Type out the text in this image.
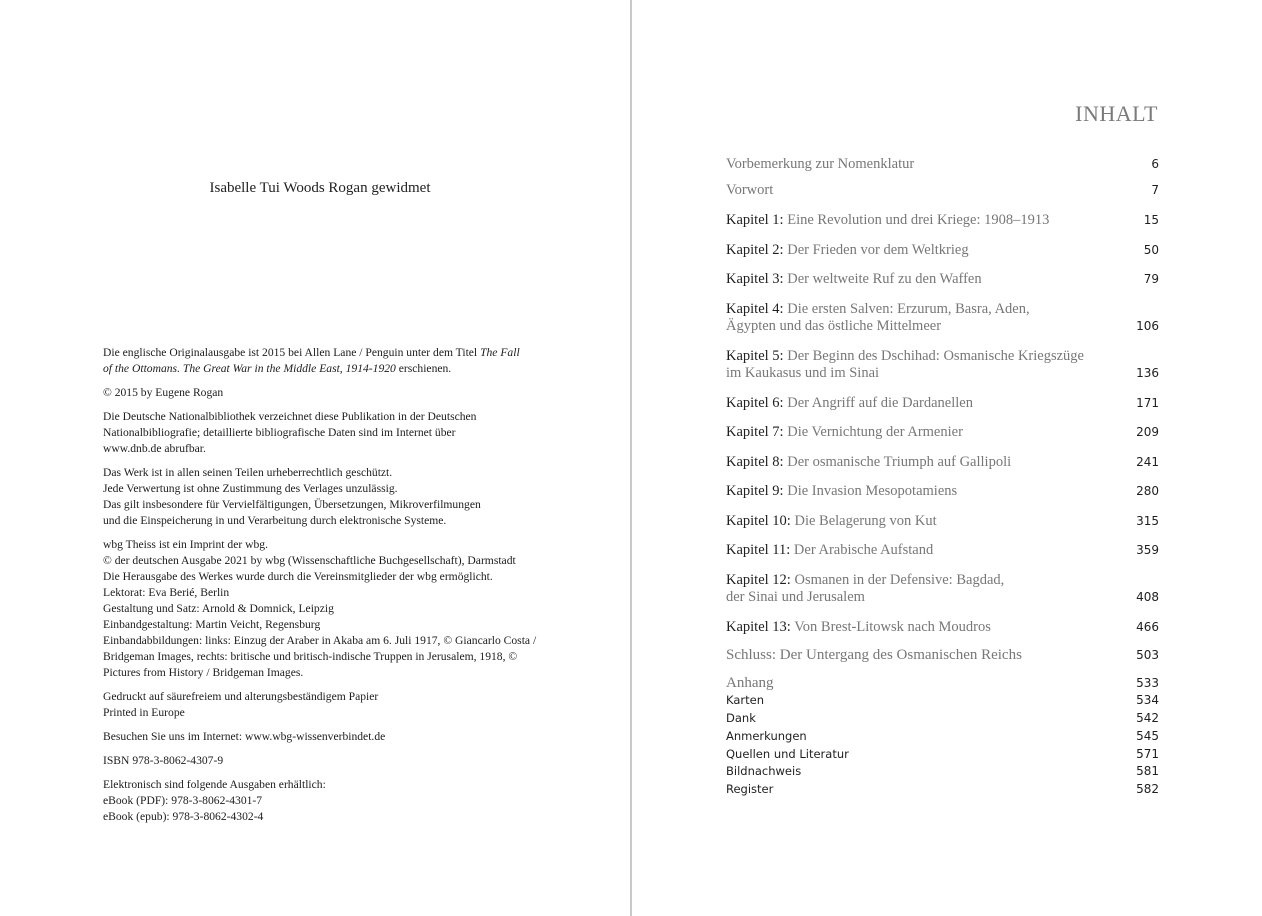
Isabelle Tui Woods Rogan gewidmet

Die englische Originalausgabe ist 2015 bei Allen Lane / Penguin unter dem Titel The Fall
of the Ottomans. The Great War in the Middle East, 1914-1920 erschienen.

© 2015 by Eugene Rogan

Die Deutsche Nationalbibliothek verzeichnet diese Publikation in der Deutschen
Nationalbibliografie; detaillierte bibliografische Daten sind im Internet über
www.dnb.de abrufbar.

Das Werk ist in allen seinen Teilen urheberrechtlich geschützt.
Jede Verwertung ist ohne Zustimmung des Verlages unzulässig.
Das gilt insbesondere für Vervielfältigungen, Übersetzungen, Mikroverfilmungen
und die Einspeicherung in und Verarbeitung durch elektronische Systeme.

wbg Theiss ist ein Imprint der wbg.
© der deutschen Ausgabe 2021 by wbg (Wissenschaftliche Buchgesellschaft), Darmstadt
Die Herausgabe des Werkes wurde durch die Vereinsmitglieder der wbg ermöglicht.
Lektorat: Eva Berié, Berlin
Gestaltung und Satz: Arnold & Domnick, Leipzig
Einbandgestaltung: Martin Veicht, Regensburg
Einbandabbildungen: links: Einzug der Araber in Akaba am 6. Juli 1917, © Giancarlo Costa / Bridgeman Images, rechts: britische und britisch-indische Truppen in Jerusalem, 1918, © Pictures from History / Bridgeman Images.

Gedruckt auf säurefreiem und alterungsbeständigem Papier
Printed in Europe

Besuchen Sie uns im Internet: www.wbg-wissenverbindet.de

ISBN 978-3-8062-4307-9

Elektronisch sind folgende Ausgaben erhältlich:
eBook (PDF): 978-3-8062-4301-7
eBook (epub): 978-3-8062-4302-4

INHALT
Vorbemerkung zur Nomenklatur	6
Vorwort	7
Kapitel 1: Eine Revolution und drei Kriege: 1908–1913	15
Kapitel 2: Der Frieden vor dem Weltkrieg	50
Kapitel 3: Der weltweite Ruf zu den Waffen	79
Kapitel 4: Die ersten Salven: Erzurum, Basra, Aden, Ägypten und das östliche Mittelmeer	106
Kapitel 5: Der Beginn des Dschihad: Osmanische Kriegszüge im Kaukasus und im Sinai	136
Kapitel 6: Der Angriff auf die Dardanellen	171
Kapitel 7: Die Vernichtung der Armenier	209
Kapitel 8: Der osmanische Triumph auf Gallipoli	241
Kapitel 9: Die Invasion Mesopotamiens	280
Kapitel 10: Die Belagerung von Kut	315
Kapitel 11: Der Arabische Aufstand	359
Kapitel 12: Osmanen in der Defensive: Bagdad, der Sinai und Jerusalem	408
Kapitel 13: Von Brest-Litowsk nach Moudros	466
Schluss: Der Untergang des Osmanischen Reichs	503
Anhang	533
Karten	534
Dank	542
Anmerkungen	545
Quellen und Literatur	571
Bildnachweis	581
Register	582
